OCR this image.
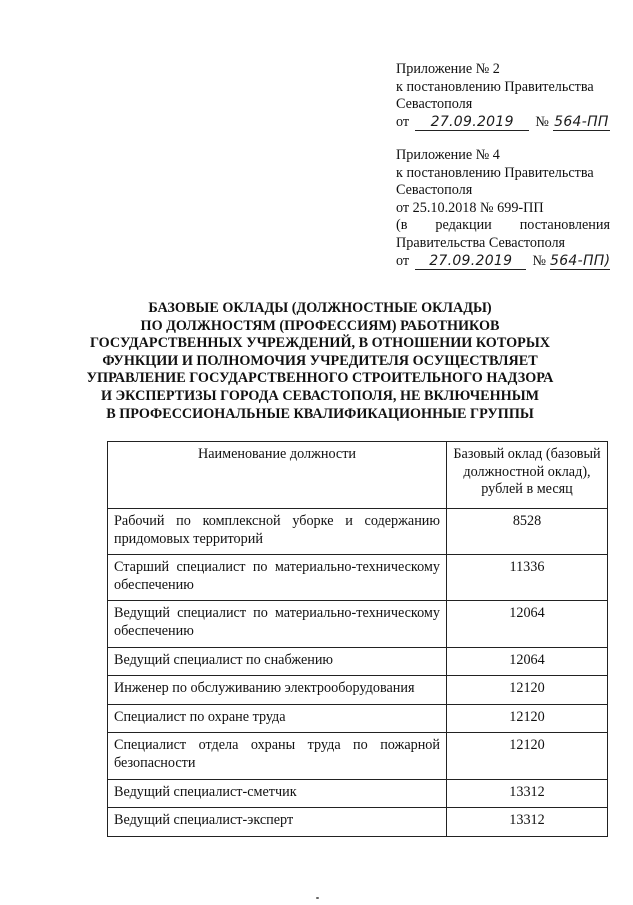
Приложение № 2
к постановлению Правительства
Севастополя
от	27.09.2019	№ 564-ПП
Приложение № 4
к постановлению Правительства
Севастополя
от 25.10.2018 № 699-ПП
(в редакции постановления
Правительства Севастополя
от	27.09.2019	№ 564-ПП)
БАЗОВЫЕ ОКЛАДЫ (ДОЛЖНОСТНЫЕ ОКЛАДЫ)
ПО ДОЛЖНОСТЯМ (ПРОФЕССИЯМ) РАБОТНИКОВ
ГОСУДАРСТВЕННЫХ УЧРЕЖДЕНИЙ, В ОТНОШЕНИИ КОТОРЫХ
ФУНКЦИИ И ПОЛНОМОЧИЯ УЧРЕДИТЕЛЯ ОСУЩЕСТВЛЯЕТ
УПРАВЛЕНИЕ ГОСУДАРСТВЕННОГО СТРОИТЕЛЬНОГО НАДЗОРА
И ЭКСПЕРТИЗЫ ГОРОДА СЕВАСТОПОЛЯ, НЕ ВКЛЮЧЕННЫМ
В ПРОФЕССИОНАЛЬНЫЕ КВАЛИФИКАЦИОННЫЕ ГРУППЫ
Наименование должности	Базовый оклад (базовый
должностной оклад),
рублей в месяц

Рабочий по комплексной уборке и содержанию придомовых территорий	8528
Старший специалист по материально-техническому обеспечению	11336
Ведущий специалист по материально-техническому обеспечению	12064
Ведущий специалист по снабжению	12064
Инженер по обслуживанию электрооборудования	12120
Специалист по охране труда	12120
Специалист отдела охраны труда по пожарной безопасности	12120
Ведущий специалист-сметчик	13312
Ведущий специалист-эксперт	13312
